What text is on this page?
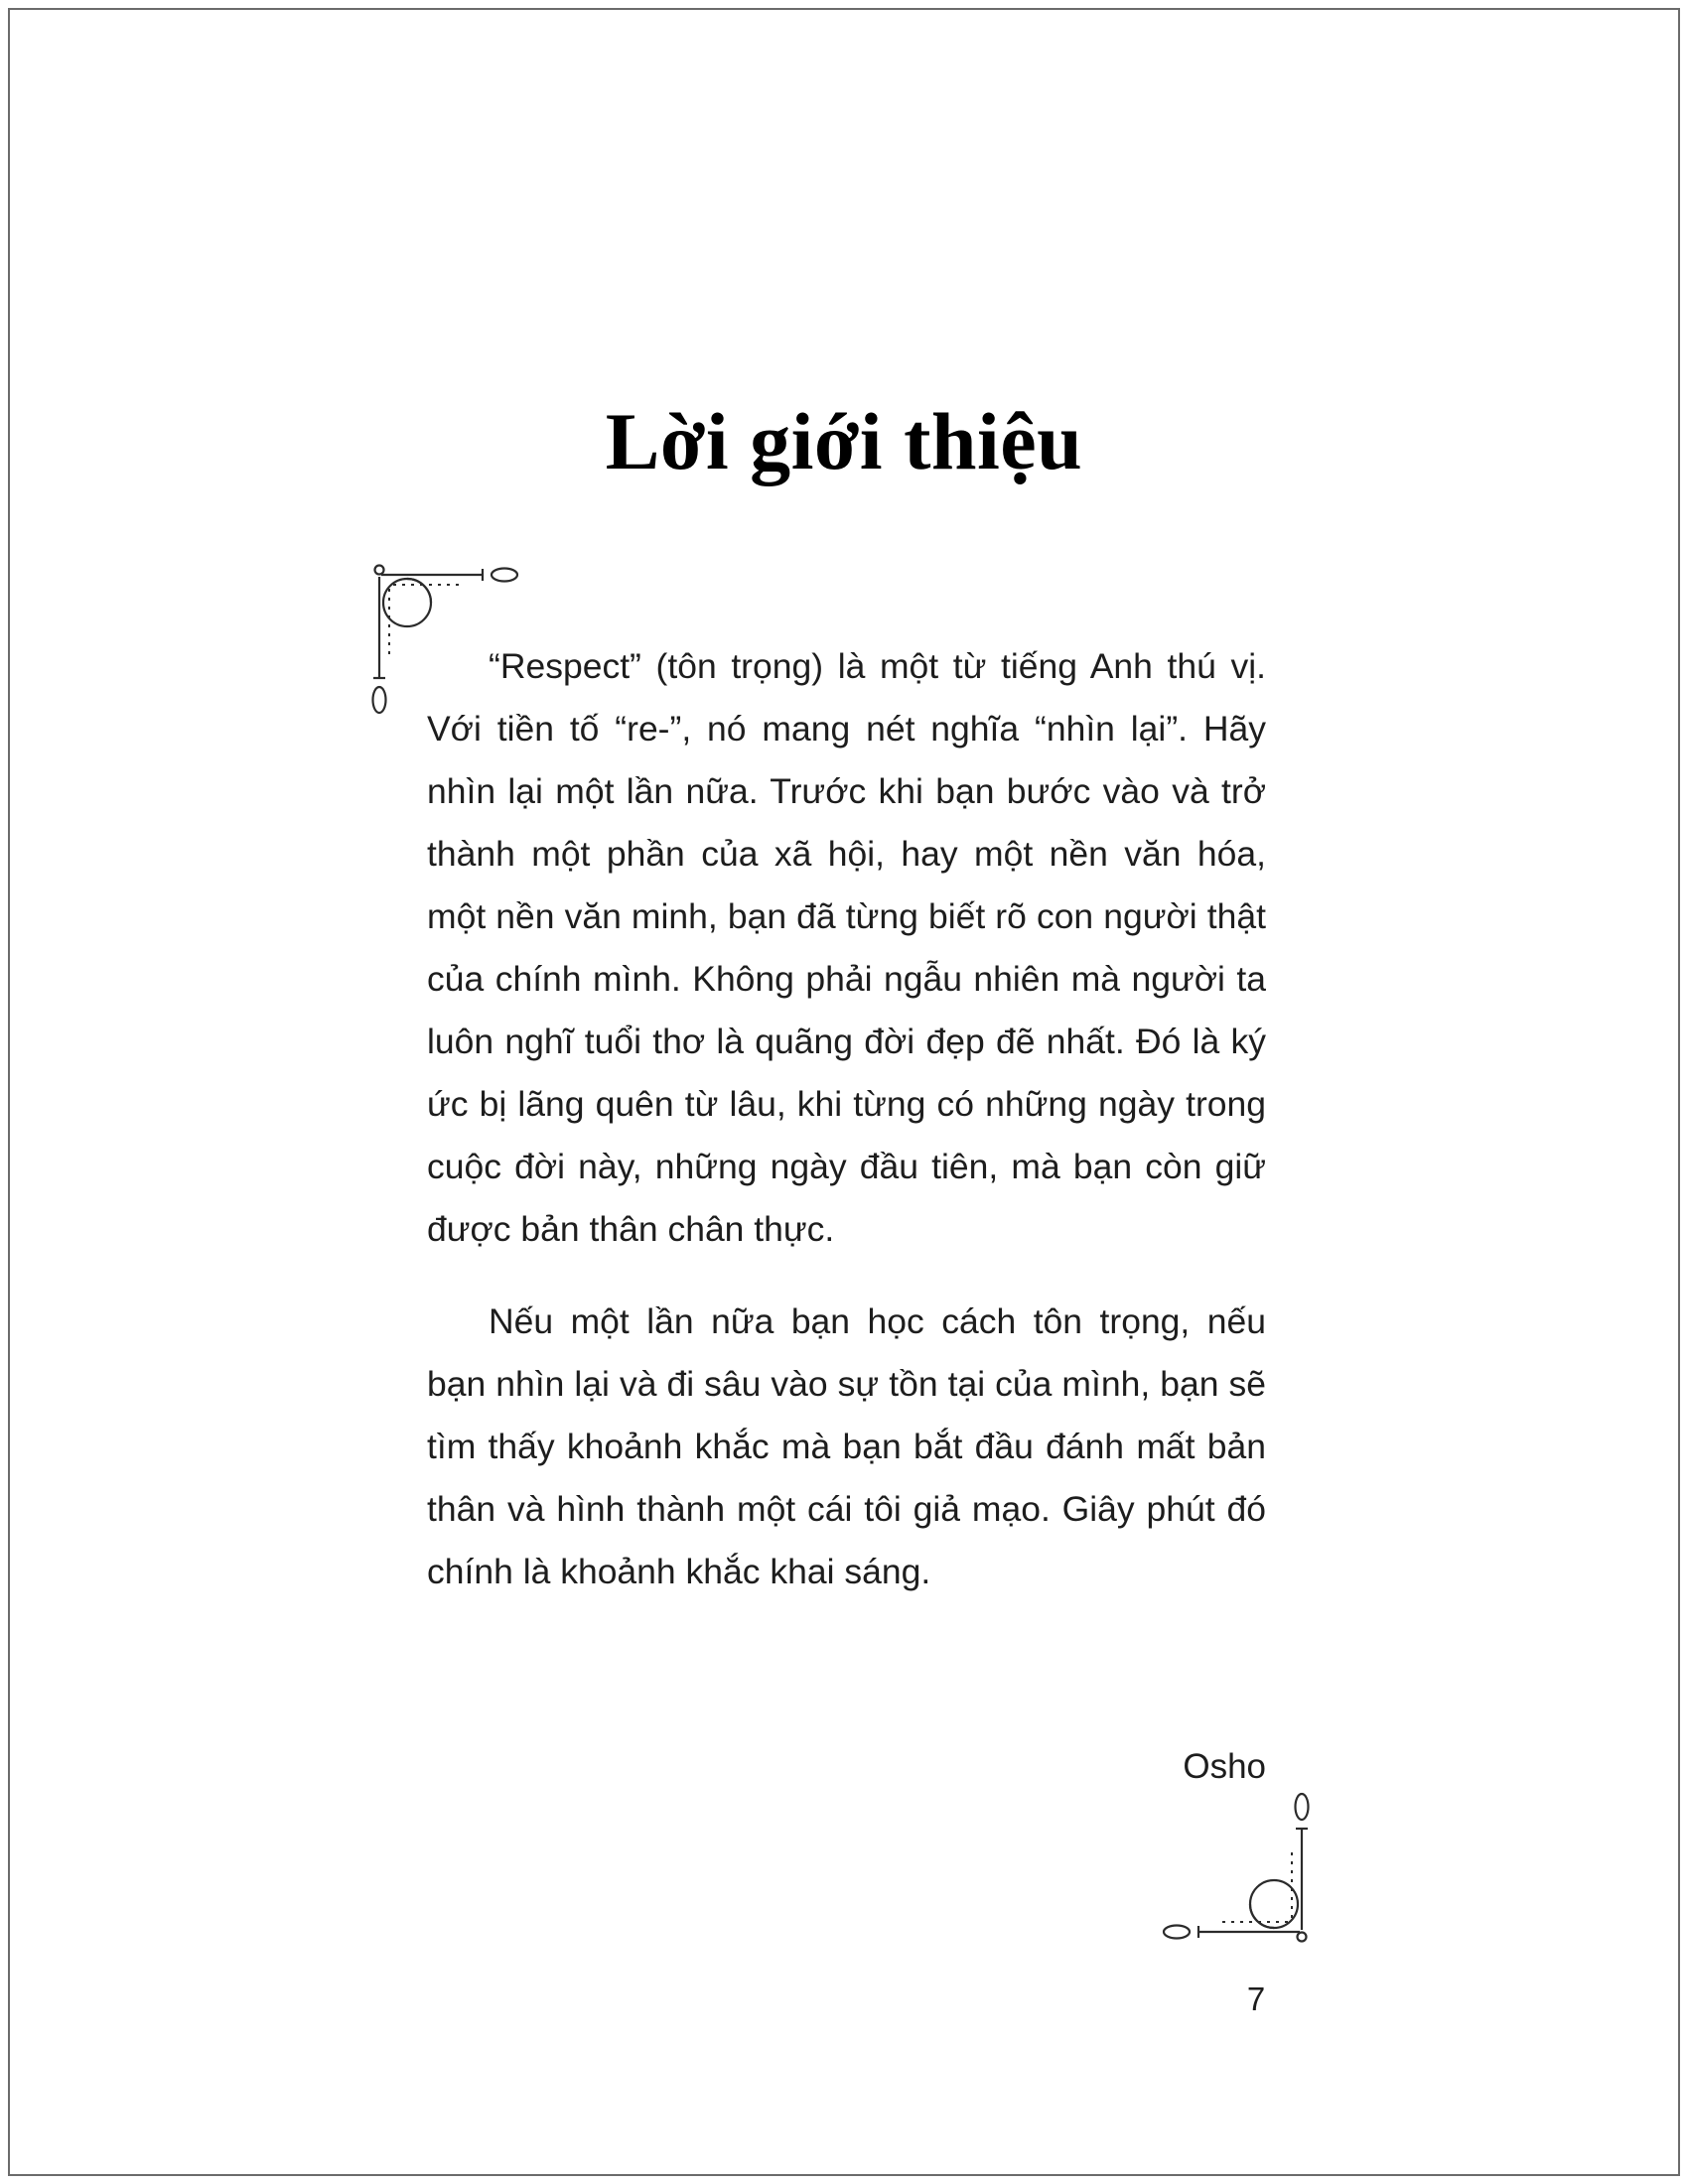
Lời giới thiệu

“Respect” (tôn trọng) là một từ tiếng Anh thú vị. Với tiền tố “re-”, nó mang nét nghĩa “nhìn lại”. Hãy nhìn lại một lần nữa. Trước khi bạn bước vào và trở thành một phần của xã hội, hay một nền văn hóa, một nền văn minh, bạn đã từng biết rõ con người thật của chính mình. Không phải ngẫu nhiên mà người ta luôn nghĩ tuổi thơ là quãng đời đẹp đẽ nhất. Đó là ký ức bị lãng quên từ lâu, khi từng có những ngày trong cuộc đời này, những ngày đầu tiên, mà bạn còn giữ được bản thân chân thực.

Nếu một lần nữa bạn học cách tôn trọng, nếu bạn nhìn lại và đi sâu vào sự tồn tại của mình, bạn sẽ tìm thấy khoảnh khắc mà bạn bắt đầu đánh mất bản thân và hình thành một cái tôi giả mạo. Giây phút đó chính là khoảnh khắc khai sáng.

Osho
7
